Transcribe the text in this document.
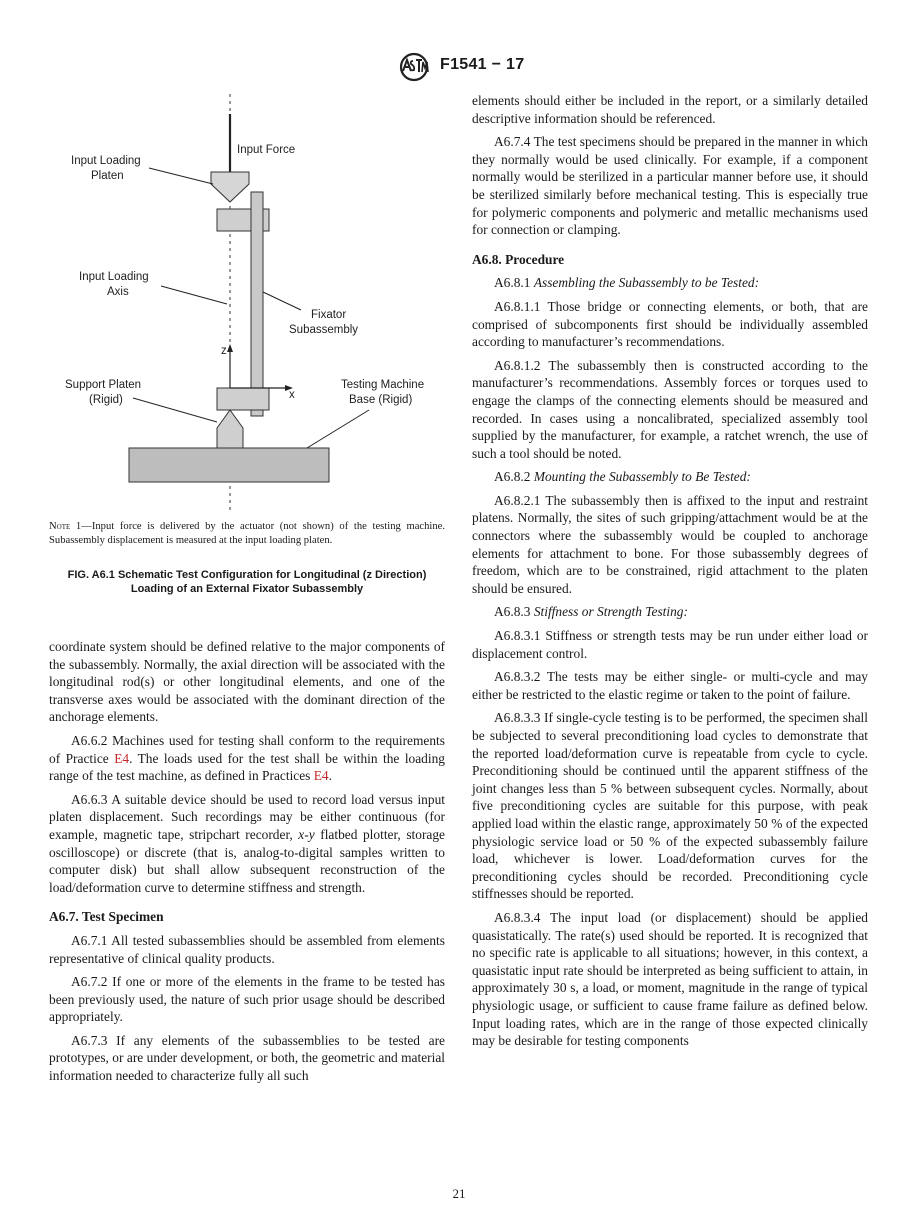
F1541 − 17
z
x
Input Force
Input Loading
Platen
Input Loading
Axis
Fixator
Subassembly
Support Platen
(Rigid)
Testing Machine
Base (Rigid)
Note 1—Input force is delivered by the actuator (not shown) of the testing machine. Subassembly displacement is measured at the input loading platen.
FIG. A6.1 Schematic Test Configuration for Longitudinal (z Direction) Loading of an External Fixator Subassembly

coordinate system should be defined relative to the major components of the subassembly. Normally, the axial direction will be associated with the longitudinal rod(s) or other longitudinal elements, and one of the transverse axes would be associated with the dominant direction of the anchorage elements.

A6.6.2 Machines used for testing shall conform to the requirements of Practice E4. The loads used for the test shall be within the loading range of the test machine, as defined in Practices E4.

A6.6.3 A suitable device should be used to record load versus input platen displacement. Such recordings may be either continuous (for example, magnetic tape, stripchart recorder, x-y flatbed plotter, storage oscilloscope) or discrete (that is, analog-to-digital samples written to computer disk) but shall allow subsequent reconstruction of the load/deformation curve to determine stiffness and strength.

A6.7. Test Specimen

A6.7.1 All tested subassemblies should be assembled from elements representative of clinical quality products.

A6.7.2 If one or more of the elements in the frame to be tested has been previously used, the nature of such prior usage should be described appropriately.

A6.7.3 If any elements of the subassemblies to be tested are prototypes, or are under development, or both, the geometric and material information needed to characterize fully all such

elements should either be included in the report, or a similarly detailed descriptive information should be referenced.

A6.7.4 The test specimens should be prepared in the manner in which they normally would be used clinically. For example, if a component normally would be sterilized in a particular manner before use, it should be sterilized similarly before mechanical testing. This is especially true for polymeric components and polymeric and metallic mechanisms used for connection or clamping.

A6.8. Procedure

A6.8.1 Assembling the Subassembly to be Tested:

A6.8.1.1 Those bridge or connecting elements, or both, that are comprised of subcomponents first should be individually assembled according to manufacturer’s recommendations.

A6.8.1.2 The subassembly then is constructed according to the manufacturer’s recommendations. Assembly forces or torques used to engage the clamps of the connecting elements should be measured and recorded. In cases using a noncalibrated, specialized assembly tool supplied by the manufacturer, for example, a ratchet wrench, the use of such a tool should be noted.

A6.8.2 Mounting the Subassembly to Be Tested:

A6.8.2.1 The subassembly then is affixed to the input and restraint platens. Normally, the sites of such gripping/attachment would be at the connectors where the subassembly would be coupled to anchorage elements for attachment to bone. For those subassembly degrees of freedom, which are to be constrained, rigid attachment to the platen should be ensured.

A6.8.3 Stiffness or Strength Testing:

A6.8.3.1 Stiffness or strength tests may be run under either load or displacement control.

A6.8.3.2 The tests may be either single- or multi-cycle and may either be restricted to the elastic regime or taken to the point of failure.

A6.8.3.3 If single-cycle testing is to be performed, the specimen shall be subjected to several preconditioning load cycles to demonstrate that the reported load/deformation curve is repeatable from cycle to cycle. Preconditioning should be continued until the apparent stiffness of the joint changes less than 5 % between subsequent cycles. Normally, about five preconditioning cycles are suitable for this purpose, with peak applied load within the elastic range, approximately 50 % of the expected physiologic service load or 50 % of the expected subassembly failure load, whichever is lower. Load/deformation curves for the preconditioning cycles should be recorded. Preconditioning cycle stiffnesses should be reported.

A6.8.3.4 The input load (or displacement) should be applied quasistatically. The rate(s) used should be reported. It is recognized that no specific rate is applicable to all situations; however, in this context, a quasistatic input rate should be interpreted as being sufficient to attain, in approximately 30 s, a load, or moment, magnitude in the range of typical physiologic usage, or sufficient to cause frame failure as defined below. Input loading rates, which are in the range of those expected clinically may be desirable for testing components

21
